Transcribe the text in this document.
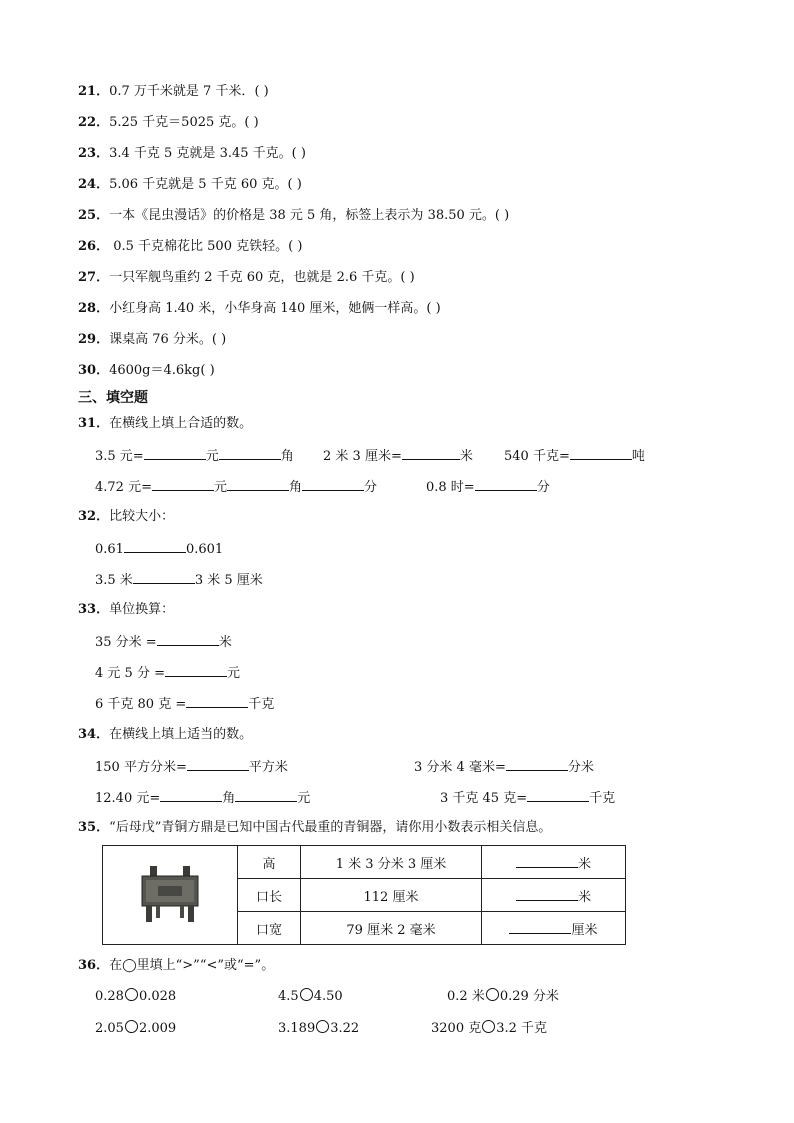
21．0.7 万千米就是 7 千米．( )
22．5.25 千克＝5025 克。( )
23．3.4 千克 5 克就是 3.45 千克。( )
24．5.06 千克就是 5 千克 60 克。( )
25．一本《昆虫漫话》的价格是 38 元 5 角，标签上表示为 38.50 元。( )
26． 0.5 千克棉花比 500 克铁轻。( )
27．一只军舰鸟重约 2 千克 60 克，也就是 2.6 千克。( )
28．小红身高 1.40 米，小华身高 140 厘米，她俩一样高。( )
29．课桌高 76 分米。( )
30．4600g＝4.6kg( )
三、填空题
31．在横线上填上合适的数。
3.5 元=	元	角 2 米 3 厘米=	米 540 千克=	吨
4.72 元=	元	角	分	0.8 时=	分
32．比较大小：
0.61	0.601
3.5 米	3 米 5 厘米
33．单位换算：
35 分米 =	米
4 元 5 分 =	元
6 千克 80 克 =	千克
34．在横线上填上适当的数。
150 平方分米=	平方米	3 分米 4 毫米=	分米
12.40 元=	角	元	3 千克 45 克=	千克
35．“后母戊”青铜方鼎是已知中国古代最重的青铜器，请你用小数表示相关信息。
	高	1 米 3 分米 3 厘米	米
	口长	112 厘米	米
	口宽	79 厘米 2 毫米	厘米
36．在◯里填上“>”“<”或“=”。
0.28 0.028	4.5 4.50	0.2 米 0.29 分米
2.05 2.009	3.189 3.22	3200 克 3.2 千克
